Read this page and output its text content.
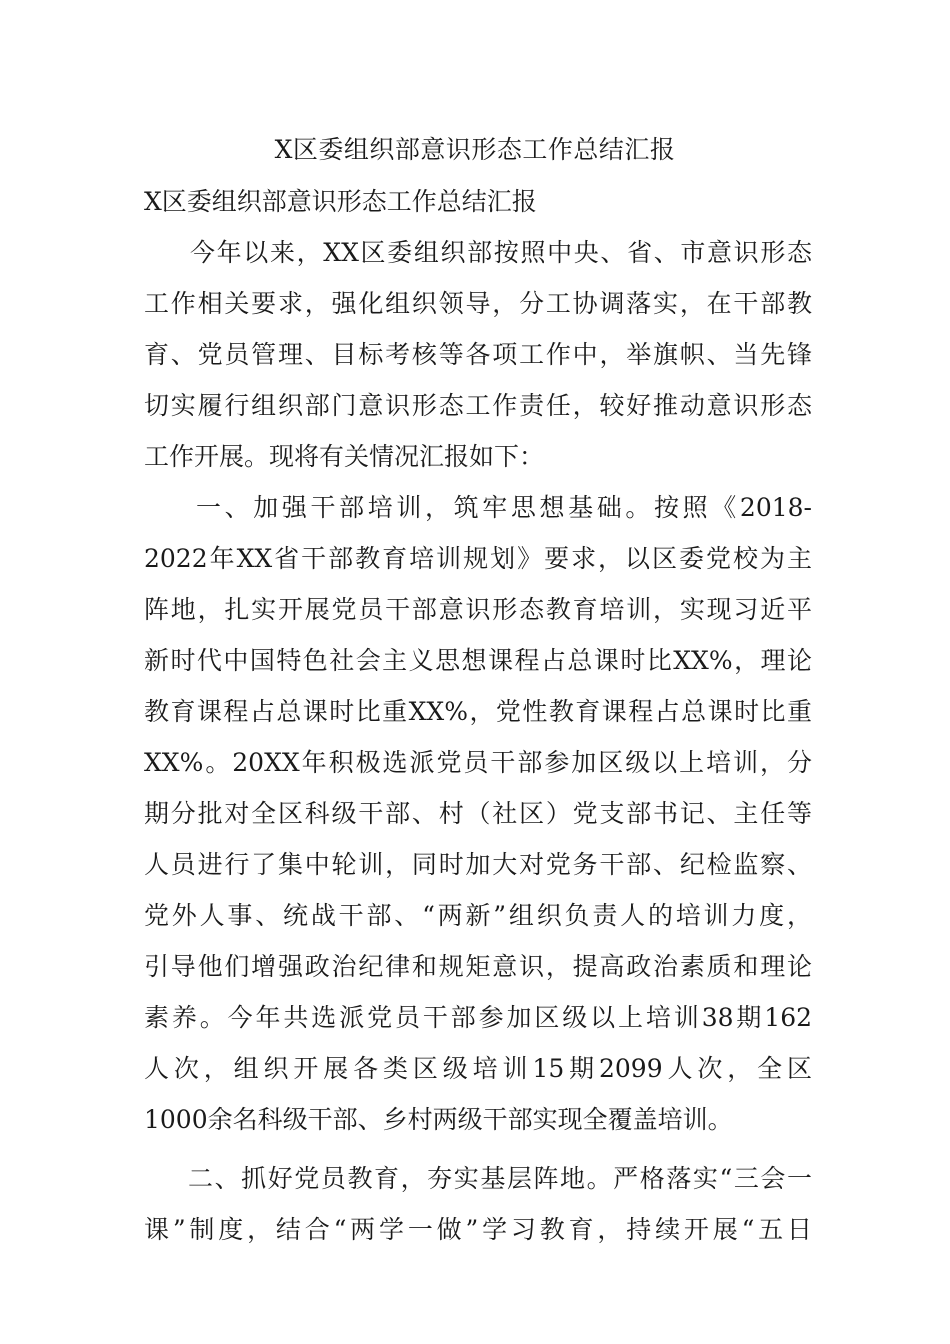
X区委组织部意识形态工作总结汇报
X区委组织部意识形态工作总结汇报
今年以来，XX区委组织部按照中央、省、市意识形态
工作相关要求，强化组织领导，分工协调落实，在干部教
育、党员管理、目标考核等各项工作中，举旗帜、当先锋
切实履行组织部门意识形态工作责任，较好推动意识形态
工作开展。现将有关情况汇报如下：
一、加强干部培训，筑牢思想基础。按照《2018-
2022年XX省干部教育培训规划》要求，以区委党校为主
阵地，扎实开展党员干部意识形态教育培训，实现习近平
新时代中国特色社会主义思想课程占总课时比XX%，理论
教育课程占总课时比重XX%，党性教育课程占总课时比重
XX%。20XX年积极选派党员干部参加区级以上培训，分
期分批对全区科级干部、村（社区）党支部书记、主任等
人员进行了集中轮训，同时加大对党务干部、纪检监察、
党外人事、统战干部、“两新”组织负责人的培训力度，
引导他们增强政治纪律和规矩意识，提高政治素质和理论
素养。今年共选派党员干部参加区级以上培训38期162
人次，组织开展各类区级培训15期2099人次，全区
1000余名科级干部、乡村两级干部实现全覆盖培训。
二、抓好党员教育，夯实基层阵地。严格落实“三会一
课”制度，结合“两学一做”学习教育，持续开展“五日
